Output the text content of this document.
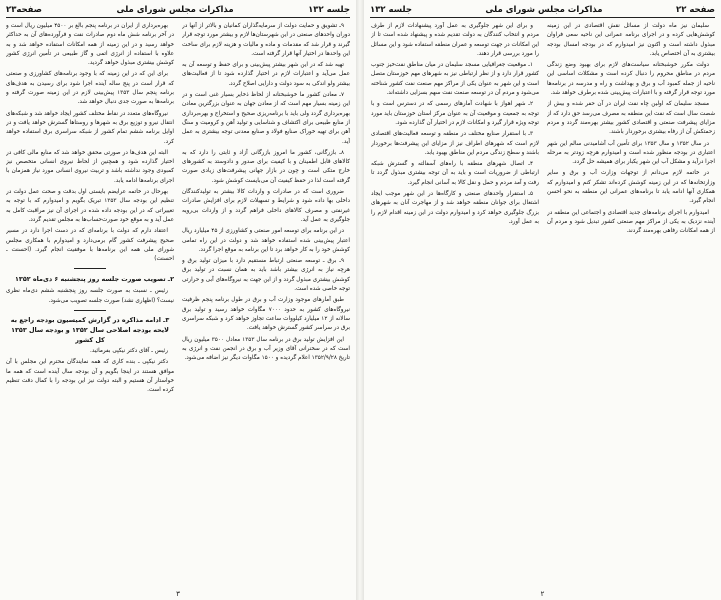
جلسه ۱۳۲
مذاکرات مجلس شورای ملی
صفحه۲۳

۹ـ تشویق و حمایت دولت از سرمایه‌گذاران کمانیان و بالاتر از آنها در دوران واحدهای صنعتی در این شهرستان‌ها لازم و بیشتر مورد توجه قرار گیرند و قرار شد که مقدمات و ماده و مالیات و هزینه لازم برای ساخت این واحدها در اختیار آنها قرار گرفته است.

تهیه شد که در این شهر بیشتر پیش‌بینی و برای حفظ و توسعه آن به عمل می‌آید و اعتبارات لازم در اختیار گذارده شود تا از فعالیت‌های بیشتر ولو اندکی به سود دولت و دارایی اصلاح گردد.

۷ـ معادن کشور ما خوشبختانه از لحاظ ذخایر بسیار غنی است و در این زمینه بسیار مهم است که از معادن جهان به عنوان بزرگترین معادن بهره‌برداری گردد ولی باید با برنامه‌ریزی صحیح و استخراج و بهره‌برداری از منابع طبیعی برای اکتشاف و شناسایی و تولید آهن و کرومیت و سنگ آهن برای تهیه خوراک صنایع فولاد و صنایع معدنی توجه بیشتری به عمل آید.

۸ـ بازرگانی، کشور ما امروز بازرگانی آزاد و ثابتی را دارد که به کالاهای قابل اطمینان و با کیفیت برای صدور و دادوستد به کشورهای خارج متکی است و چون در بازار جهانی پیشرفت‌های زیادی صورت گرفته است لذا در حفظ کیفیت آن می‌بایست کوشش شود.

ضروری است که در صادرات و واردات کالا بیشتر به تولیدکنندگان داخلی بها داده شود و شرایط و تسهیلات لازم برای افزایش صادرات غیرنفتی و مصرف کالاهای داخلی فراهم گردد و از واردات بی‌رویه جلوگیری به عمل آید.

در این برنامه برای توسعه امور صنعتی و کشاورزی از ۴۵ میلیارد ریال اعتبار پیش‌بینی شده استفاده خواهد شد و دولت در این راه تمامی کوشش خود را به کار خواهد برد تا این برنامه به موقع اجرا گردد.

۹ـ برق ـ توسعه صنعتی ارتباط مستقیم دارد با میزان تولید برق و هرچه نیاز به انرژی بیشتر باشد باید به همان نسبت در تولید برق کوشش بیشتری مبذول گردد و از این جهت به نیروگاه‌های آبی و حرارتی توجه خاصی شده است.

طبق آمارهای موجود وزارت آب و برق در طول برنامه پنجم ظرفیت نیروگاه‌های کشور به حدود ۷۰۰۰ مگاوات خواهد رسید و تولید برق سالانه از ۱۲ میلیارد کیلووات ساعت تجاوز خواهد کرد و شبکه سراسری برق در سراسر کشور گسترش خواهد یافت.

این افزایش تولید برق در برنامه سال ۱۳۵۳ معادل ۳۵۰۰ میلیون ریال است که در سخنرانی آقای وزیر آب و برق در انجمن نفت و انرژی به تاریخ ۱۳۵۲/۹/۲۸ اعلام گردیده و ۱۵۰۰ مگاوات دیگر نیز اضافه می‌شود.

بهره‌برداری از ایران در برنامه پنجم بالغ بر ۴۵۰۰ میلیون ریال است و در آخر برنامه شش ماه دوم صادرات نفت و فرآورده‌های آن به حداکثر خواهد رسید و در این زمینه از همه امکانات استفاده خواهد شد و به علاوه با استفاده از انرژی اتمی و گاز طبیعی در تأمین انرژی کشور کوشش بیشتری مبذول خواهد گردید.

برای این که در این زمینه که با وجود برنامه‌های کشاورزی و صنعتی که قرار است در پنج ساله آینده اجرا شود برای رسیدن به هدف‌های برنامه پنجم سال ۱۳۵۳ پیش‌بینی لازم در این زمینه صورت گرفته و برنامه‌ها به صورت جدی دنبال خواهد شد.

نیروگاه‌های متعدد در نقاط مختلف کشور ایجاد خواهد شد و شبکه‌های انتقال نیرو و توزیع برق به شهرها و روستاها گسترش خواهد یافت و در اوایل برنامه ششم تمام کشور از شبکه سراسری برق استفاده خواهد کرد.

البته این هدف‌ها در صورتی محقق خواهد شد که منابع مالی کافی در اختیار گذارده شود و همچنین از لحاظ نیروی انسانی متخصص نیز کمبودی وجود نداشته باشد و تربیت نیروی انسانی مورد نیاز همزمان با اجرای برنامه‌ها ادامه یابد.

بهرحال در خاتمه عرایضم بایستی اول بدقت و صحت عمل دولت در تنظیم این بودجه سال ۱۳۵۳ تبریک بگویم و امیدوارم که با توجه به تغییراتی که در این بودجه داده شده در اجرای آن نیز مراقبت کامل به عمل آید و به موقع خود صورت‌حساب‌ها به مجلس تقدیم گردد.

اعتقاد دارم که دولت با برنامه‌ای که در دست اجرا دارد در مسیر صحیح پیشرفت کشور گام برمی‌دارد و امیدوارم با همکاری مجلس شورای ملی همه این برنامه‌ها با موفقیت انجام گیرد. (احسنت ـ احسنت)

۲ـ تصویب صورت جلسه روز پنجشنبه ۶ دی‌ماه ۱۳۵۲

رئیس ـ نسبت به صورت جلسه روز پنجشنبه ششم دی‌ماه نظری نیست؟ (اظهاری نشد) صورت جلسه تصویب می‌شود.

۳ـ ادامه مذاکره در گزارش کمیسیون بودجه راجع به لایحه بودجه اصلاحی سال ۱۳۵۲ و بودجه سال ۱۳۵۳ کل کشور

رئیس ـ آقای دکتر نیکپی بفرمائید.

دکتر نیکپی ـ بنده کاری که همه نمایندگان محترم این مجلس با آن موافق هستند در اینجا بگویم و آن بودجه سال آینده است که همه ما خواستار آن هستیم و البته دولت نیز این بودجه را با کمال دقت تنظیم کرده است.

۳
صفحه ۲۲
مذاکرات مجلس شورای ملی
جلسه ۱۳۲

سلیمان نیز ماه دولت از مسائل نقش اقتصادی در این زمینه کوشش‌هایی کرده و در اجرای برنامه عمرانی این ناحیه سعی فراوان مبذول داشته است و اکنون نیز امیدوارم که در بودجه امسال بودجه بیشتری به آن اختصاص یابد.

دولت مکرر خوشبختانه سیاست‌های لازم برای بهبود وضع زندگی مردم در مناطق محروم را دنبال کرده است و مشکلات اساسی این ناحیه از جمله کمبود آب و برق و بهداشت و راه و مدرسه در برنامه‌ها مورد توجه قرار گرفته و با اعتبارات پیش‌بینی شده برطرف خواهد شد.

مسجد سلیمان که اولین چاه نفت ایران در آن حفر شده و بیش از شصت سال است که نفت این منطقه به مصرف می‌رسد حق دارد که از مزایای پیشرفت صنعتی و اقتصادی کشور بیشتر بهره‌مند گردد و مردم زحمتکش آن از رفاه بیشتری برخوردار باشند.

در سال ۱۳۵۲ و سال ۱۳۵۳ برای تأمین آب آشامیدنی سالم این شهر اعتباری در بودجه منظور شده است و امیدوارم هرچه زودتر به مرحله اجرا درآید و مشکل آب این شهر یکبار برای همیشه حل گردد.

در خاتمه لازم می‌دانم از توجهات وزارت آب و برق و سایر وزارتخانه‌ها که در این زمینه کوشش کرده‌اند تشکر کنم و امیدوارم که همکاری آنها ادامه یابد تا برنامه‌های عمرانی این منطقه به نحو احسن انجام گیرد.

امیدوارم با اجرای برنامه‌های جدید اقتصادی و اجتماعی این منطقه در آینده نزدیک به یکی از مراکز مهم صنعتی کشور تبدیل شود و مردم آن از همه امکانات رفاهی بهره‌مند گردند.

و برای این شهر جلوگیری به عمل آورد پیشنهادات لازم از طرف مردم و انتخاب کنندگان به دولت تقدیم شده و پیشنهاد شده است تا از این امکانات در جهت توسعه و عمران منطقه استفاده شود و این مسائل را مورد بررسی قرار دهند.

۱ـ موقعیت جغرافیایی مسجد سلیمان در میان مناطق نفت‌خیز جنوب کشور قرار دارد و از نظر ارتباطی نیز به شهرهای مهم خوزستان متصل است و این شهر به عنوان یکی از مراکز مهم صنعت نفت کشور شناخته می‌شود و مردم آن در توسعه صنعت نفت سهم بسزایی داشته‌اند.

۲ـ شهر اهواز با شهادت آمارهای رسمی که در دسترس است و با توجه به جمعیت و موقعیت آن به عنوان مرکز استان خوزستان باید مورد توجه ویژه قرار گیرد و امکانات لازم در اختیار آن گذارده شود.

۳ـ با استقرار صنایع مختلف در منطقه و توسعه فعالیت‌های اقتصادی لازم است که شهرهای اطراف نیز از مزایای این پیشرفت‌ها برخوردار باشند و سطح زندگی مردم این مناطق بهبود یابد.

۴ـ اتصال شهرهای منطقه با راه‌های آسفالته و گسترش شبکه ارتباطی از ضروریات است و باید به آن توجه بیشتری مبذول گردد تا رفت و آمد مردم و حمل و نقل کالا به آسانی انجام گیرد.

۵ـ استقرار واحدهای صنعتی و کارگاه‌ها در این شهر موجب ایجاد اشتغال برای جوانان منطقه خواهد شد و از مهاجرت آنان به شهرهای بزرگ جلوگیری خواهد کرد و امیدوارم دولت در این زمینه اقدام لازم را به عمل آورد.

۲
